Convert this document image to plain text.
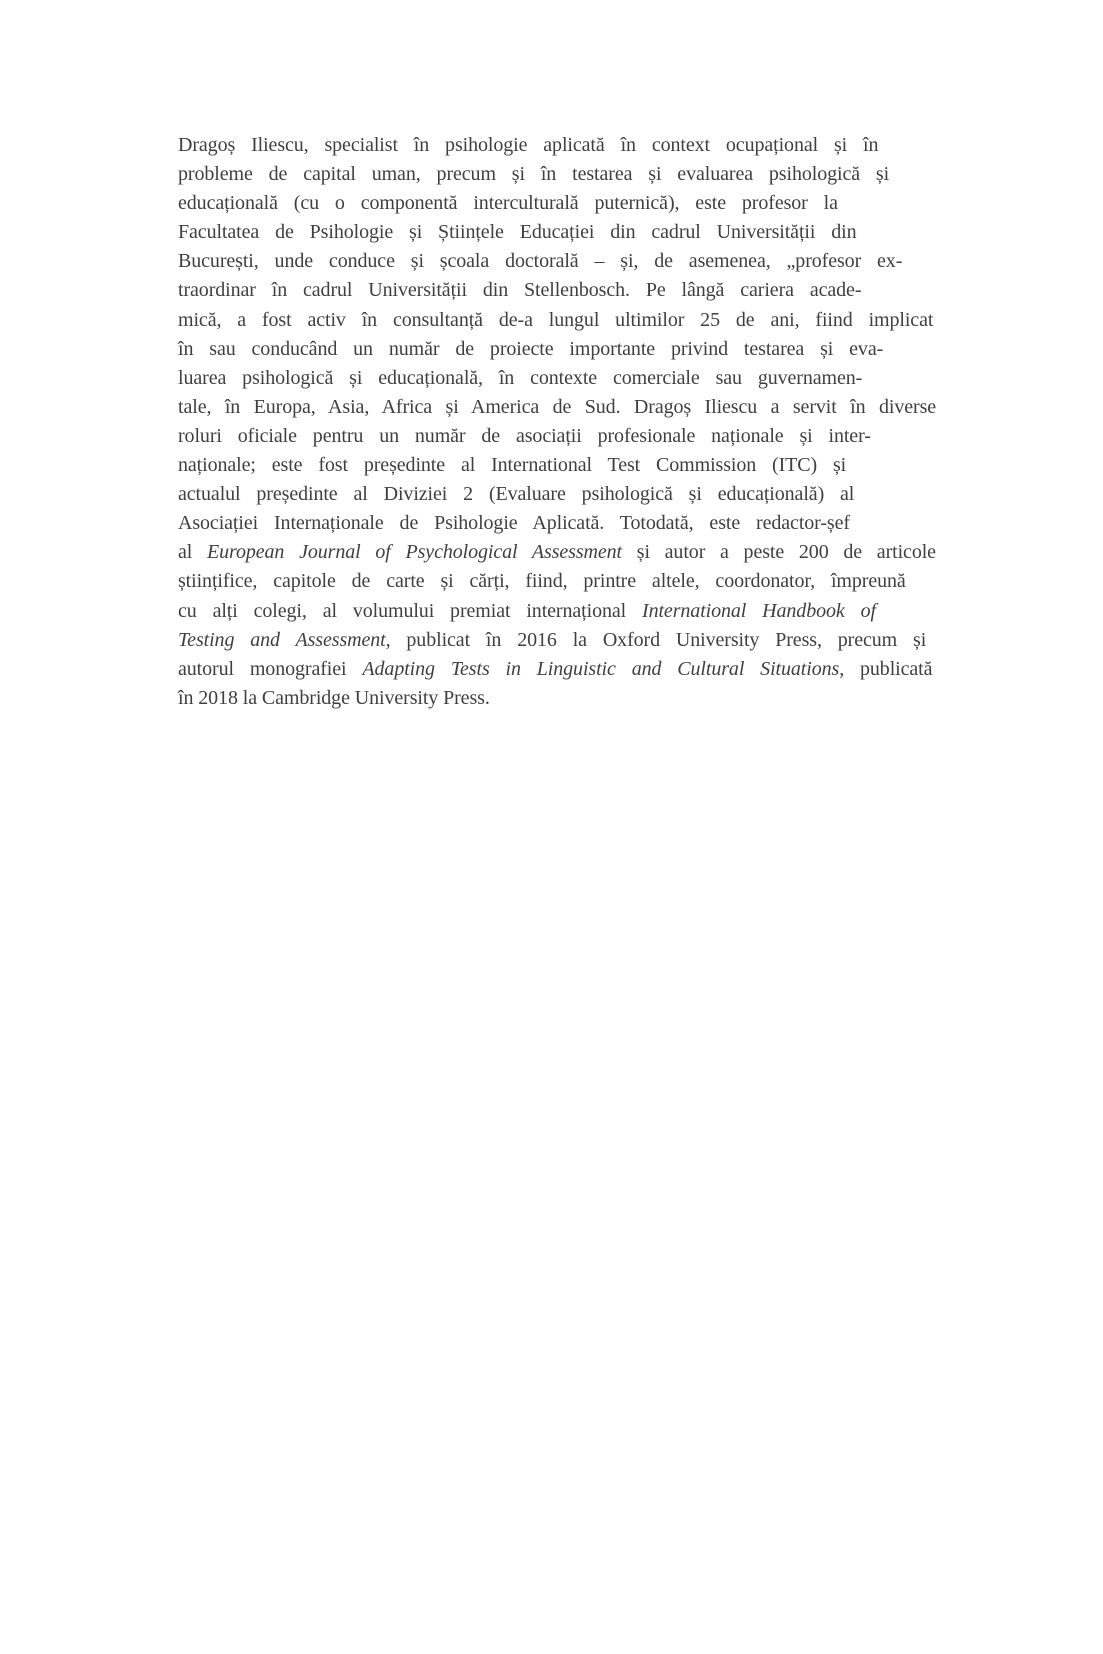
Dragoș Iliescu, specialist în psihologie aplicată în context ocupațional și în
probleme de capital uman, precum și în testarea și evaluarea psihologică și
educațională (cu o componentă interculturală puternică), este profesor la
Facultatea de Psihologie și Științele Educației din cadrul Universității din
București, unde conduce și școala doctorală – și, de asemenea, „profesor ex-
traordinar în cadrul Universității din Stellenbosch. Pe lângă cariera acade-
mică, a fost activ în consultanță de-a lungul ultimilor 25 de ani, fiind implicat
în sau conducând un număr de proiecte importante privind testarea și eva-
luarea psihologică și educațională, în contexte comerciale sau guvernamen-
tale, în Europa, Asia, Africa și America de Sud. Dragoș Iliescu a servit în diverse
roluri oficiale pentru un număr de asociații profesionale naționale și inter-
naționale; este fost președinte al International Test Commission (ITC) și
actualul președinte al Diviziei 2 (Evaluare psihologică și educațională) al
Asociației Internaționale de Psihologie Aplicată. Totodată, este redactor-șef
al European Journal of Psychological Assessment și autor a peste 200 de articole
științifice, capitole de carte și cărți, fiind, printre altele, coordonator, împreună
cu alți colegi, al volumului premiat internațional International Handbook of
Testing and Assessment, publicat în 2016 la Oxford University Press, precum și
autorul monografiei Adapting Tests in Linguistic and Cultural Situations, publicată
în 2018 la Cambridge University Press.
